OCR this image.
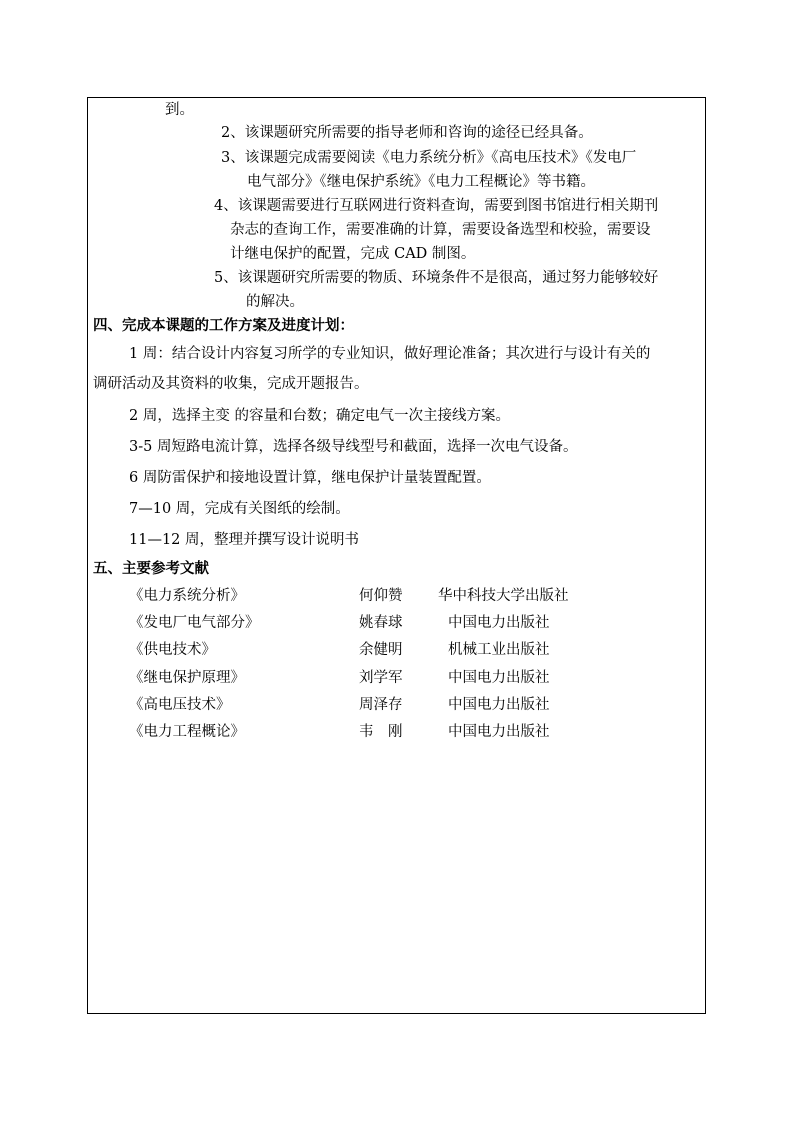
到。
2、该课题研究所需要的指导老师和咨询的途径已经具备。
3、该课题完成需要阅读《电力系统分析》《高电压技术》《发电厂
电气部分》《继电保护系统》《电力工程概论》等书籍。
4、该课题需要进行互联网进行资料查询，需要到图书馆进行相关期刊
杂志的查询工作，需要准确的计算，需要设备选型和校验，需要设
计继电保护的配置，完成 CAD 制图。
5、该课题研究所需要的物质、环境条件不是很高，通过努力能够较好
的解决。
四、完成本课题的工作方案及进度计划：
1 周：结合设计内容复习所学的专业知识，做好理论准备；其次进行与设计有关的
调研活动及其资料的收集，完成开题报告。
2 周，选择主变 的容量和台数；确定电气一次主接线方案。
3-5 周短路电流计算，选择各级导线型号和截面，选择一次电气设备。
6 周防雷保护和接地设置计算，继电保护计量装置配置。
7—10 周，完成有关图纸的绘制。
11—12 周，整理并撰写设计说明书
五、主要参考文献
《电力系统分析》	何仰赞 华中科技大学出版社
《发电厂电气部分》	姚春球	中国电力出版社
《供电技术》	余健明	机械工业出版社
《继电保护原理》	刘学军	中国电力出版社
《高电压技术》	周泽存	中国电力出版社
《电力工程概论》	韦　刚	中国电力出版社
